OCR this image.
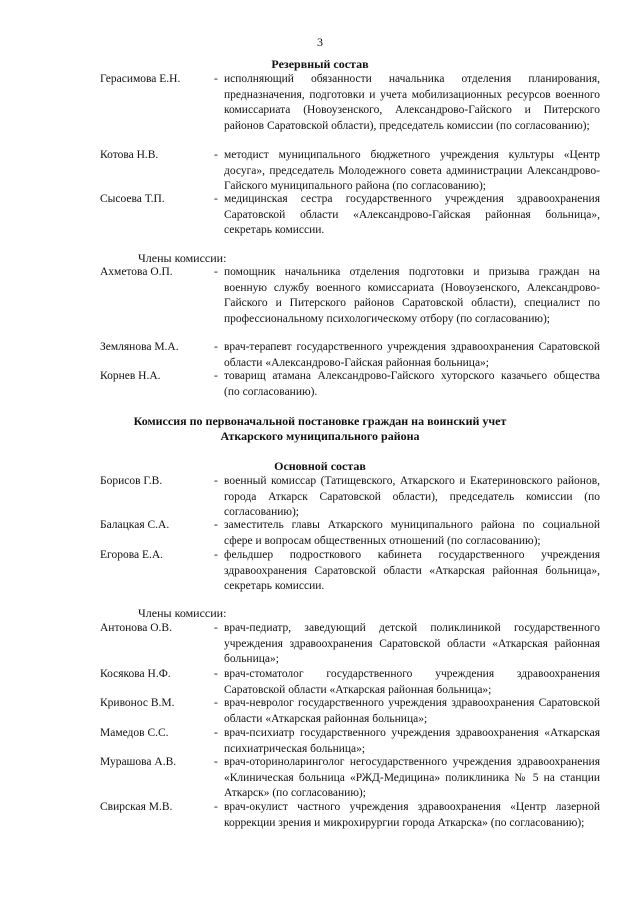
3
Резервный состав
Герасимова Е.Н.	- исполняющий обязанности начальника отделения планирования, предназначения, подготовки и учета мобилизационных ресурсов военного комиссариата (Новоузенского, Александрово-Гайского и Питерского районов Саратовской области), председатель комиссии (по согласованию);
Котова Н.В.	- методист муниципального бюджетного учреждения культуры «Центр досуга», председатель Молодежного совета администрации Александрово-Гайского муниципального района (по согласованию);
Сысоева Т.П.	- медицинская сестра государственного учреждения здравоохранения Саратовской области «Александрово-Гайская районная больница», секретарь комиссии.
Члены комиссии:
Ахметова О.П.	- помощник начальника отделения подготовки и призыва граждан на военную службу военного комиссариата (Новоузенского, Александрово-Гайского и Питерского районов Саратовской области), специалист по профессиональному психологическому отбору (по согласованию);
Землянова М.А.	- врач-терапевт государственного учреждения здравоохранения Саратовской области «Александрово-Гайская районная больница»;
Корнев Н.А.	- товарищ атамана Александрово-Гайского хуторского казачьего общества (по согласованию).
Комиссия по первоначальной постановке граждан на воинский учет
Аткарского муниципального района
Основной состав
Борисов Г.В.	- военный комиссар (Татищевского, Аткарского и Екатериновского районов, города Аткарск Саратовской области), председатель комиссии (по согласованию);
Балацкая С.А.	- заместитель главы Аткарского муниципального района по социальной сфере и вопросам общественных отношений (по согласованию);
Егорова Е.А.	- фельдшер подросткового кабинета государственного учреждения здравоохранения Саратовской области «Аткарская районная больница», секретарь комиссии.
Члены комиссии:
Антонова О.В.	- врач-педиатр, заведующий детской поликлиникой государственного учреждения здравоохранения Саратовской области «Аткарская районная больница»;
Косякова Н.Ф.	- врач-стоматолог государственного учреждения здравоохранения Саратовской области «Аткарская районная больница»;
Кривонос В.М.	- врач-невролог государственного учреждения здравоохранения Саратовской области «Аткарская районная больница»;
Мамедов С.С.	- врач-психиатр государственного учреждения здравоохранения «Аткарская психиатрическая больница»;
Мурашова А.В.	- врач-оториноларинголог негосударственного учреждения здравоохранения «Клиническая больница «РЖД-Медицина» поликлиника № 5 на станции Аткарск» (по согласованию);
Свирская М.В.	- врач-окулист частного учреждения здравоохранения «Центр лазерной коррекции зрения и микрохирургии города Аткарска» (по согласованию);
